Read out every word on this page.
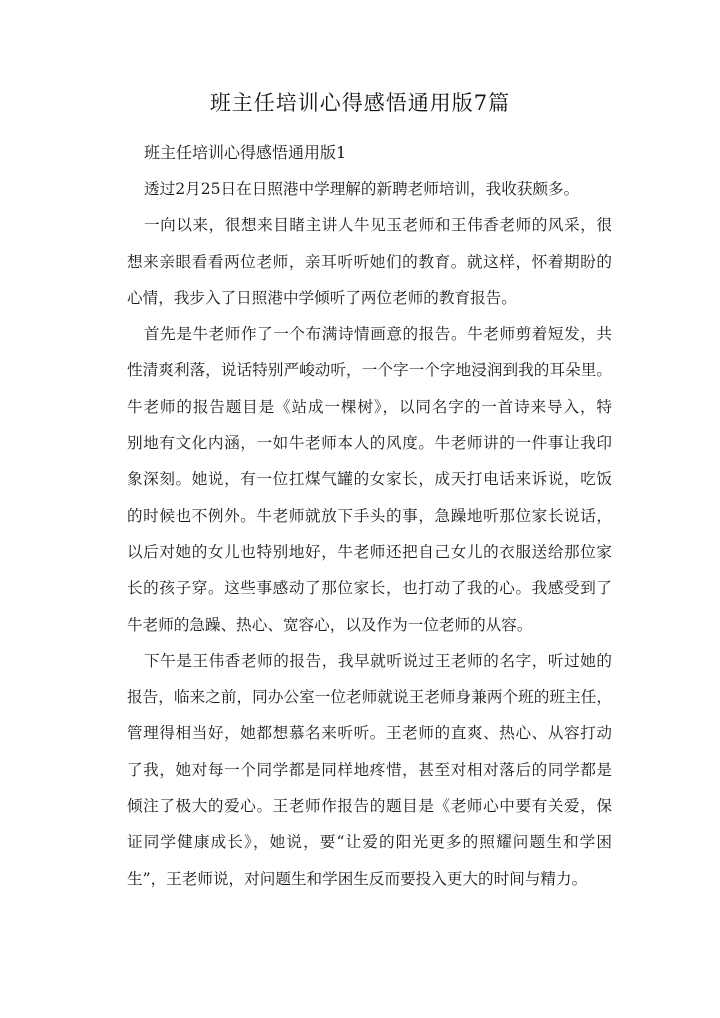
班主任培训心得感悟通用版7篇

班主任培训心得感悟通用版1

透过2月25日在日照港中学理解的新聘老师培训，我收获颇多。

一向以来，很想来目睹主讲人牛见玉老师和王伟香老师的风采，很
想来亲眼看看两位老师，亲耳听听她们的教育。就这样，怀着期盼的
心情，我步入了日照港中学倾听了两位老师的教育报告。

首先是牛老师作了一个布满诗情画意的报告。牛老师剪着短发，共
性清爽利落，说话特别严峻动听，一个字一个字地浸润到我的耳朵里。
牛老师的报告题目是《站成一棵树》，以同名字的一首诗来导入，特
别地有文化内涵，一如牛老师本人的风度。牛老师讲的一件事让我印
象深刻。她说，有一位扛煤气罐的女家长，成天打电话来诉说，吃饭
的时候也不例外。牛老师就放下手头的事，急躁地听那位家长说话，
以后对她的女儿也特别地好，牛老师还把自己女儿的衣服送给那位家
长的孩子穿。这些事感动了那位家长，也打动了我的心。我感受到了
牛老师的急躁、热心、宽容心，以及作为一位老师的从容。

下午是王伟香老师的报告，我早就听说过王老师的名字，听过她的
报告，临来之前，同办公室一位老师就说王老师身兼两个班的班主任，
管理得相当好，她都想慕名来听听。王老师的直爽、热心、从容打动
了我，她对每一个同学都是同样地疼惜，甚至对相对落后的同学都是
倾注了极大的爱心。王老师作报告的题目是《老师心中要有关爱，保
证同学健康成长》，她说，要“让爱的阳光更多的照耀问题生和学困
生”，王老师说，对问题生和学困生反而要投入更大的时间与精力。
